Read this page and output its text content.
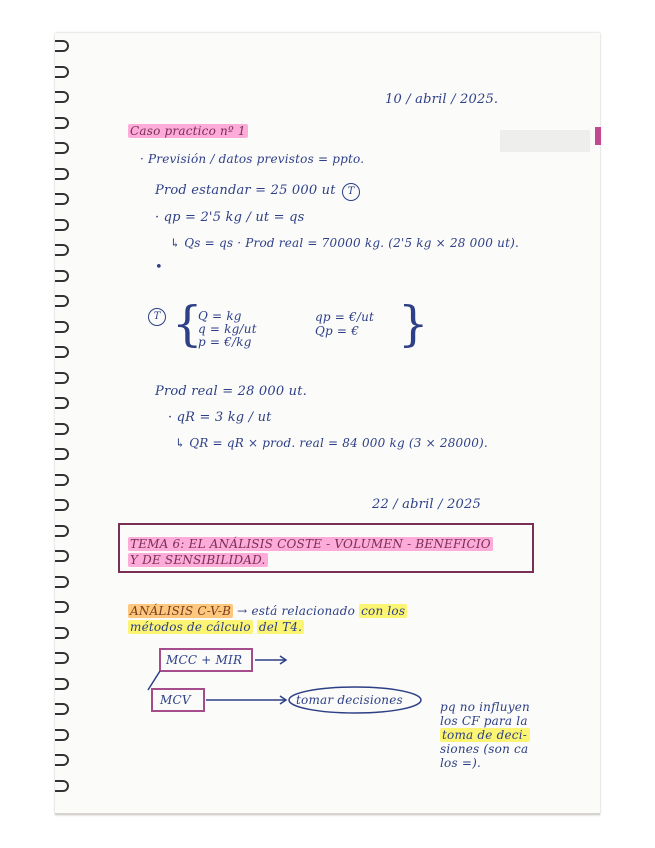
10 / abril / 2025.
Caso practico nº 1
· Previsión / datos previstos = ppto.
Prod estandar = 25 000 ut	T
· qp = 2'5 kg / ut = qs
↳ Qs = qs · Prod real = 70000 kg. (2'5 kg × 28 000 ut).
•
T {
Q = kg
q = kg/ut
p = €/kg
qp = €/ut
Qp = € }
Prod real = 28 000 ut.
· qR = 3 kg / ut
↳ QR = qR × prod. real = 84 000 kg (3 × 28000).
22 / abril / 2025
TEMA 6: EL ANÁLISIS COSTE - VOLUMEN - BENEFICIO
Y DE SENSIBILIDAD.
ANÁLISIS C-V-B → está relacionado con los
métodos de cálculo del T4.
MCC + MIR
MCV	tomar decisiones	pq no influyen
los CF para la
toma de deci-
siones (son ca
los =).
